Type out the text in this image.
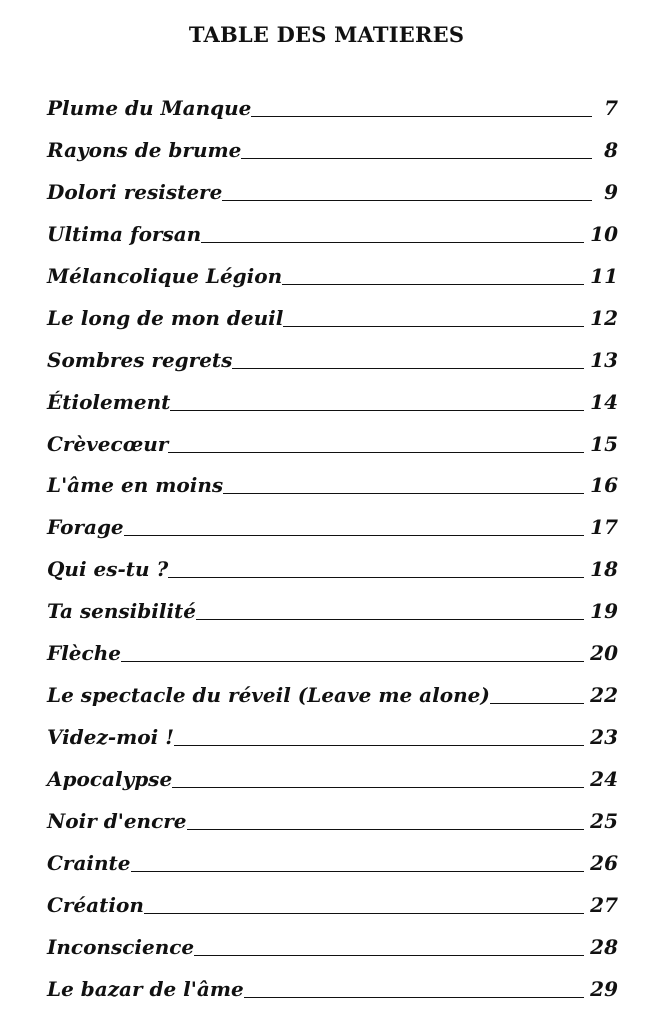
TABLE DES MATIERES
Plume du Manque	7
Rayons de brume	8
Dolori resistere	9
Ultima forsan	10
Mélancolique Légion	11
Le long de mon deuil	12
Sombres regrets	13
Étiolement	14
Crèvecœur	15
L'âme en moins	16
Forage	17
Qui es-tu ?	18
Ta sensibilité	19
Flèche	20
Le spectacle du réveil (Leave me alone)	22
Videz-moi !	23
Apocalypse	24
Noir d'encre	25
Crainte	26
Création	27
Inconscience	28
Le bazar de l'âme	29
